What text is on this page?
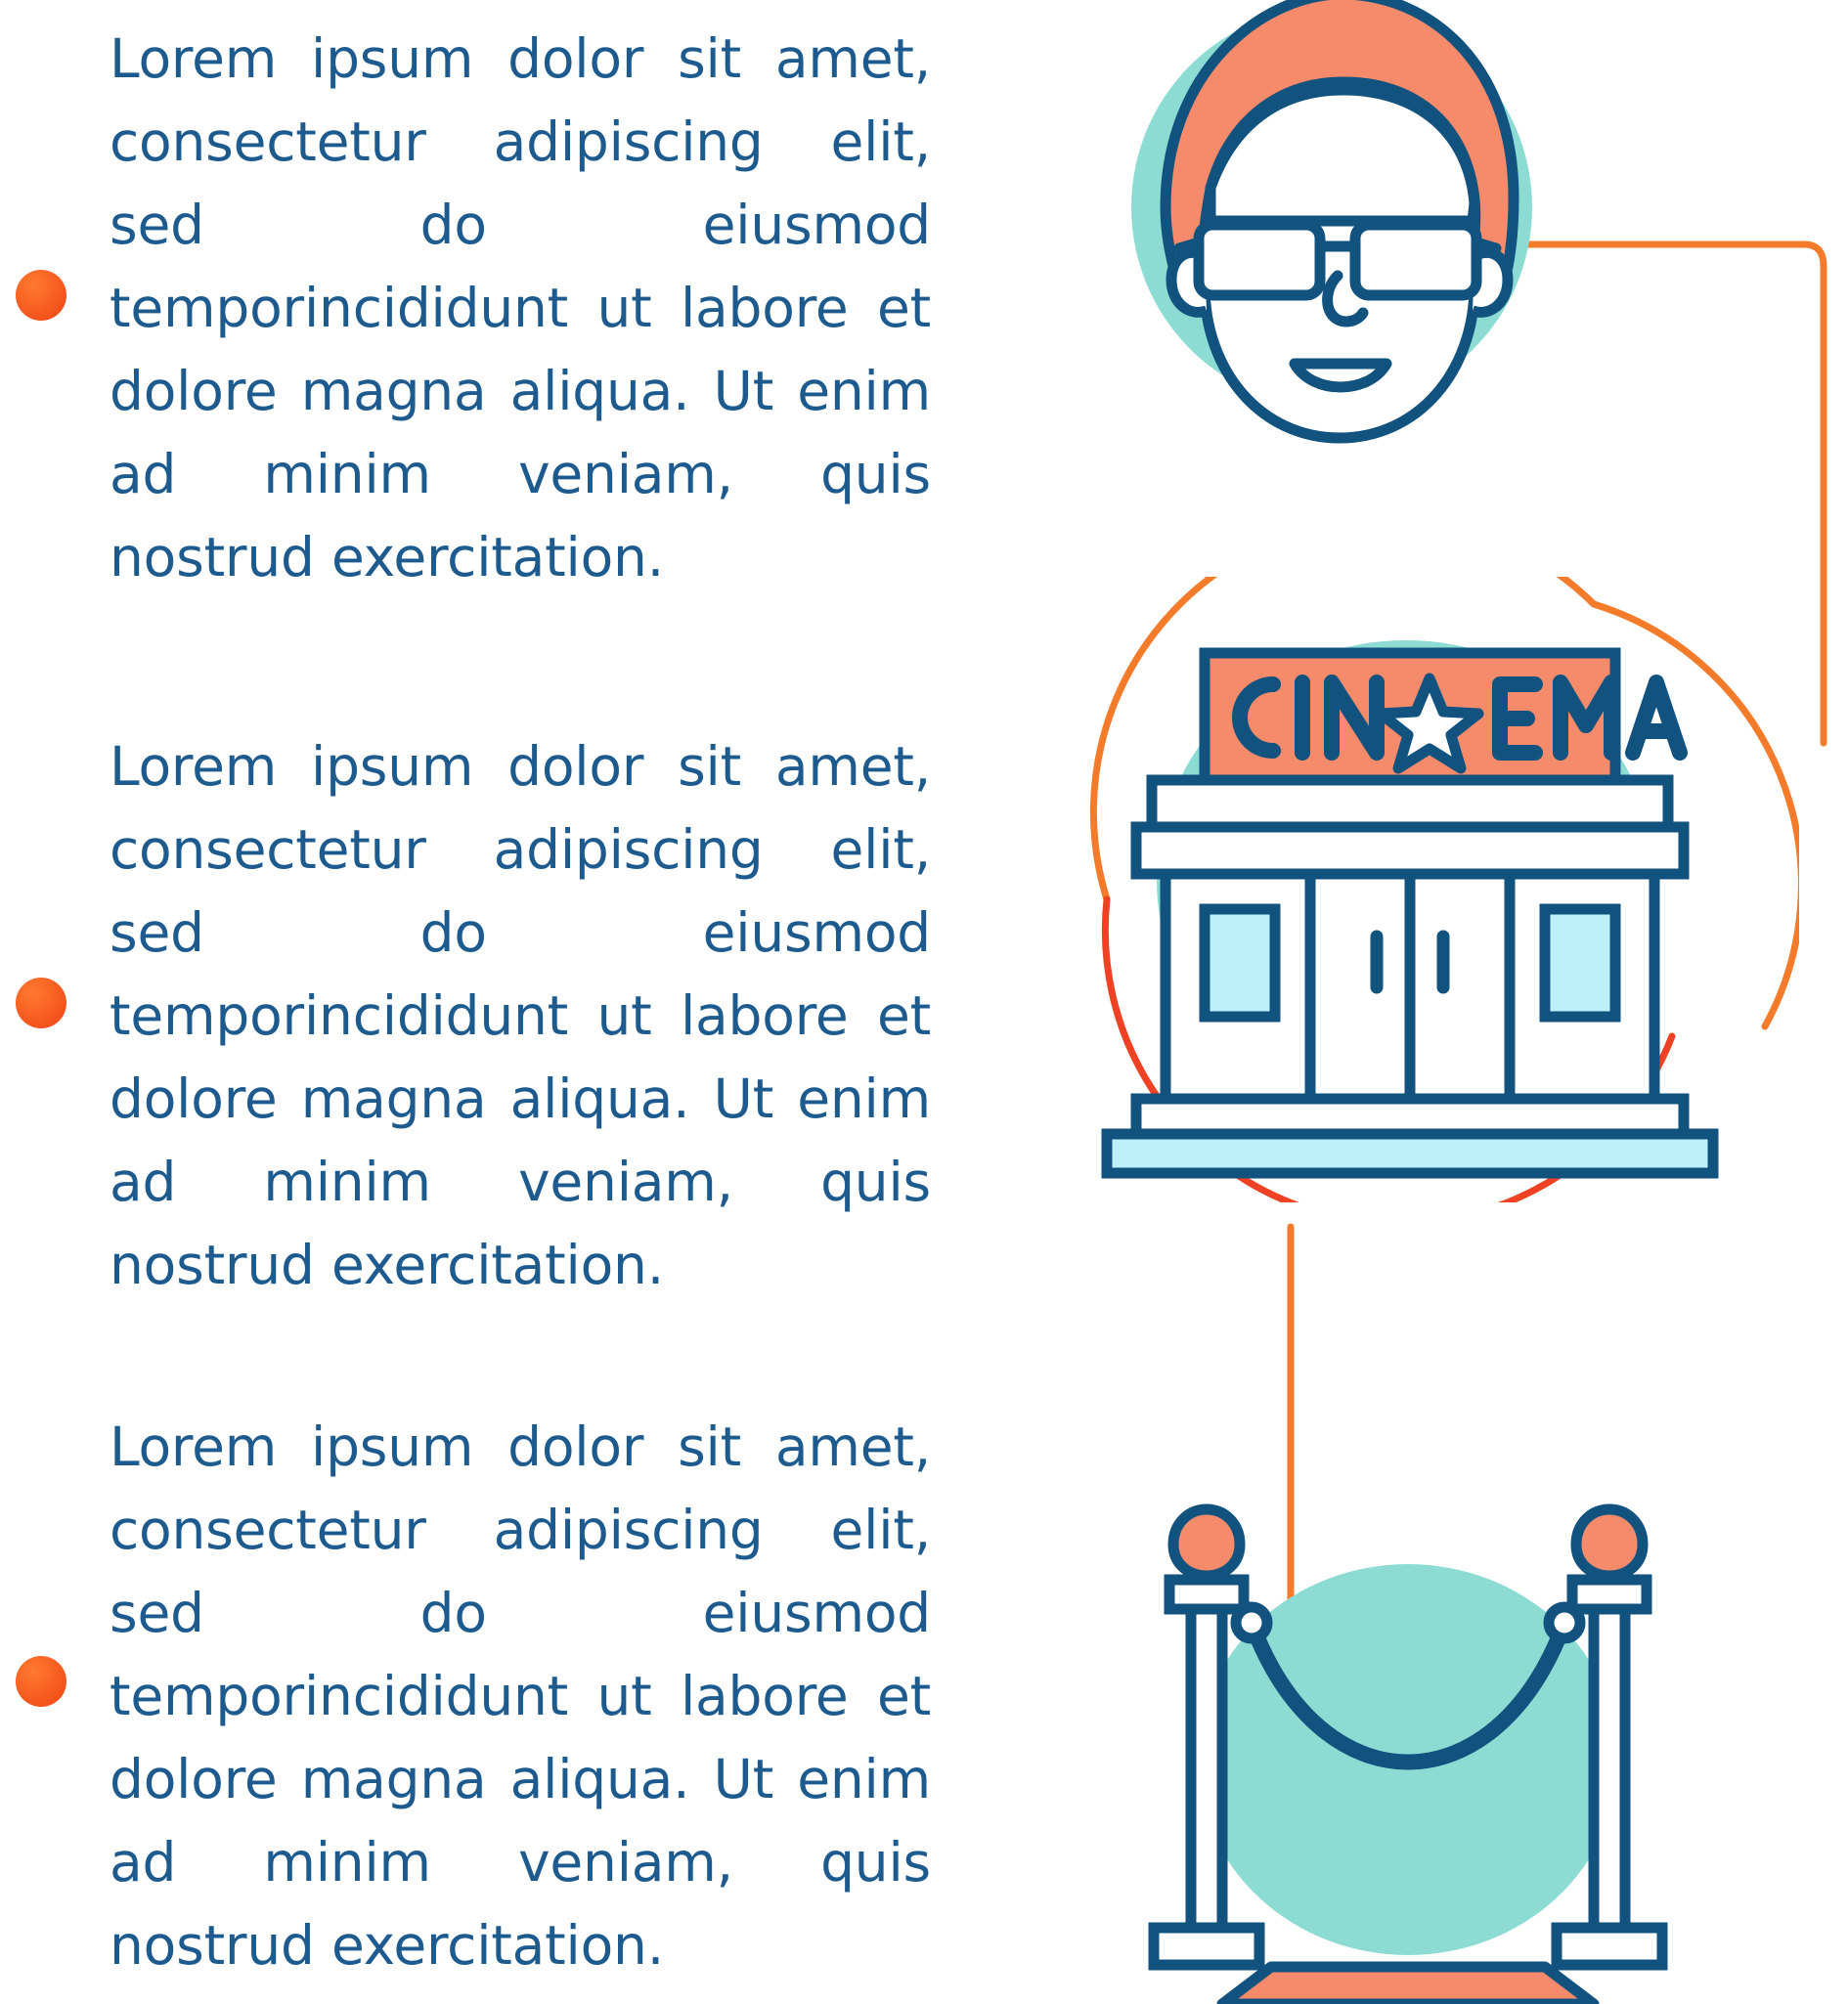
Lorem ipsum dolor sit amet, consectetur adipiscing elit, sed do eiusmod temporincididunt ut labore et dolore magna aliqua. Ut enim ad minim veniam, quis nostrud exercitation.

Lorem ipsum dolor sit amet, consectetur adipiscing elit, sed do eiusmod temporincididunt ut labore et dolore magna aliqua. Ut enim ad minim veniam, quis nostrud exercitation.

Lorem ipsum dolor sit amet, consectetur adipiscing elit, sed do eiusmod temporincididunt ut labore et dolore magna aliqua. Ut enim ad minim veniam, quis nostrud exercitation.
